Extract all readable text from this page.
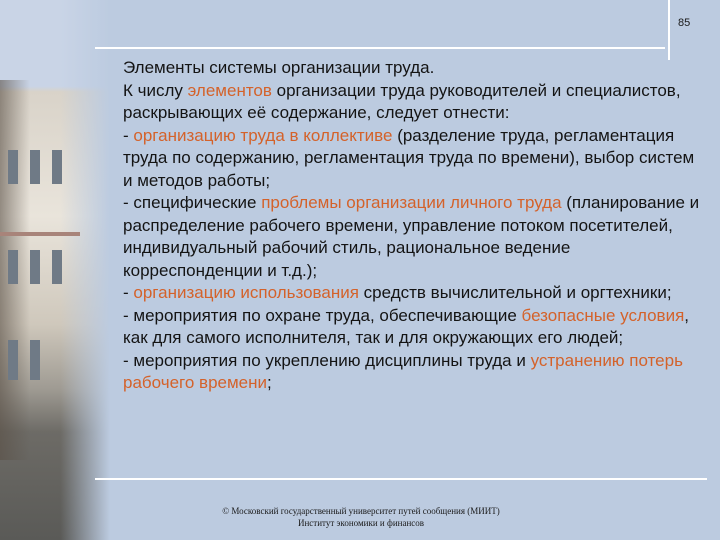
85

Элементы системы организации труда.

К числу элементов организации труда руководителей и специалистов, раскрывающих её содержание, следует отнести:

- организацию труда в коллективе (разделение труда, регламентация труда по содержанию, регламентация труда по времени), выбор систем и методов работы;

- специфические проблемы организации личного труда (планирование и распределение рабочего времени, управление потоком посетителей, индивидуальный рабочий стиль, рациональное ведение корреспонденции и т.д.);

- организацию использования средств вычислительной и оргтехники;

- мероприятия по охране труда, обеспечивающие безопасные условия, как для самого исполнителя, так и для окружающих его людей;

- мероприятия по укреплению дисциплины труда и устранению потерь рабочего времени;

© Московский государственный университет путей сообщения (МИИТ)
Институт экономики и финансов
